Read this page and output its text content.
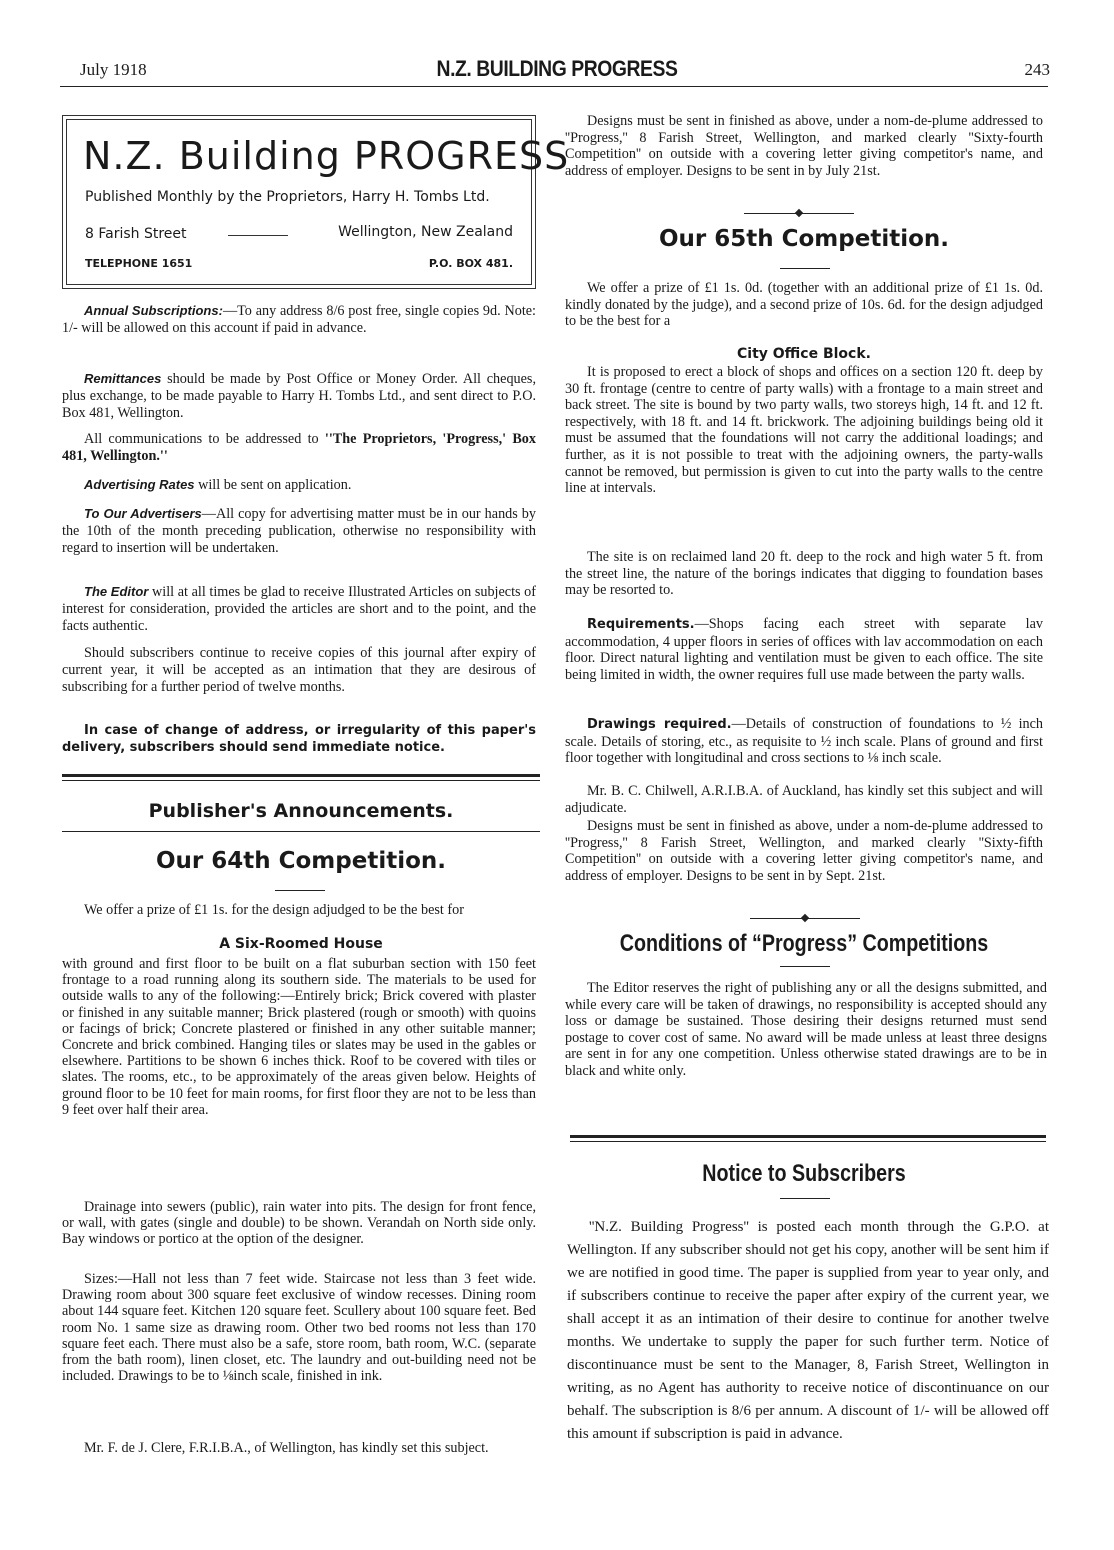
July 1918	N.Z. BUILDING PROGRESS	243
N.Z. Building PROGRESS
Published Monthly by the Proprietors, Harry H. Tombs Ltd.
8 Farish Street	Wellington, New Zealand
TELEPHONE 1651	P.O. BOX 481.

Annual Subscriptions:—To any address 8/6 post free, single copies 9d. Note: 1/- will be allowed on this account if paid in advance.

Remittances should be made by Post Office or Money Order. All cheques, plus exchange, to be made payable to Harry H. Tombs Ltd., and sent direct to P.O. Box 481, Wellington.

All communications to be addressed to ''The Proprietors, 'Progress,' Box 481, Wellington.''

Advertising Rates will be sent on application.

To Our Advertisers—All copy for advertising matter must be in our hands by the 10th of the month preceding publication, otherwise no responsibility with regard to insertion will be undertaken.

The Editor will at all times be glad to receive Illustrated Articles on subjects of interest for consideration, provided the articles are short and to the point, and the facts authentic.

Should subscribers continue to receive copies of this journal after expiry of current year, it will be accepted as an intimation that they are desirous of subscribing for a further period of twelve months.

In case of change of address, or irregularity of this paper's delivery, subscribers should send immediate notice.

Publisher's Announcements.
Our 64th Competition.

We offer a prize of £1 1s. for the design adjudged to be the best for

A Six-Roomed House

with ground and first floor to be built on a flat suburban section with 150 feet frontage to a road running along its southern side. The materials to be used for outside walls to any of the following:—Entirely brick; Brick covered with plaster or finished in any suitable manner; Brick plastered (rough or smooth) with quoins or facings of brick; Concrete plastered or finished in any other suitable manner; Concrete and brick combined. Hanging tiles or slates may be used in the gables or elsewhere. Partitions to be shown 6 inches thick. Roof to be covered with tiles or slates. The rooms, etc., to be approximately of the areas given below. Heights of ground floor to be 10 feet for main rooms, for first floor they are not to be less than 9 feet over half their area.

Drainage into sewers (public), rain water into pits. The design for front fence, or wall, with gates (single and double) to be shown. Verandah on North side only. Bay windows or portico at the option of the designer.

Sizes:—Hall not less than 7 feet wide. Staircase not less than 3 feet wide. Drawing room about 300 square feet exclusive of window recesses. Dining room about 144 square feet. Kitchen 120 square feet. Scullery about 100 square feet. Bed room No. 1 same size as drawing room. Other two bed rooms not less than 170 square feet each. There must also be a safe, store room, bath room, W.C. (separate from the bath room), linen closet, etc. The laundry and out-building need not be included. Drawings to be to ⅛inch scale, finished in ink.

Mr. F. de J. Clere, F.R.I.B.A., of Wellington, has kindly set this subject.

Designs must be sent in finished as above, under a nom-de-plume addressed to ''Progress,'' 8 Farish Street, Wellington, and marked clearly ''Sixty-fourth Competition'' on outside with a covering letter giving competitor's name, and address of employer. Designs to be sent in by July 21st.

Our 65th Competition.

We offer a prize of £1 1s. 0d. (together with an additional prize of £1 1s. 0d. kindly donated by the judge), and a second prize of 10s. 6d. for the design adjudged to be the best for a

City Office Block.

It is proposed to erect a block of shops and offices on a section 120 ft. deep by 30 ft. frontage (centre to centre of party walls) with a frontage to a main street and back street. The site is bound by two party walls, two storeys high, 14 ft. and 12 ft. respectively, with 18 ft. and 14 ft. brickwork. The adjoining buildings being old it must be assumed that the foundations will not carry the additional loadings; and further, as it is not possible to treat with the adjoining owners, the party-walls cannot be removed, but permission is given to cut into the party walls to the centre line at intervals.

The site is on reclaimed land 20 ft. deep to the rock and high water 5 ft. from the street line, the nature of the borings indicates that digging to foundation bases may be resorted to.

Requirements.—Shops facing each street with separate lav accommodation, 4 upper floors in series of offices with lav accommodation on each floor. Direct natural lighting and ventilation must be given to each office. The site being limited in width, the owner requires full use made between the party walls.

Drawings required.—Details of construction of foundations to ½ inch scale. Details of storing, etc., as requisite to ½ inch scale. Plans of ground and first floor together with longitudinal and cross sections to ⅛ inch scale.

Mr. B. C. Chilwell, A.R.I.B.A. of Auckland, has kindly set this subject and will adjudicate.

Designs must be sent in finished as above, under a nom-de-plume addressed to ''Progress,'' 8 Farish Street, Wellington, and marked clearly ''Sixty-fifth Competition'' on outside with a covering letter giving competitor's name, and address of employer. Designs to be sent in by Sept. 21st.

Conditions of “Progress” Competitions

The Editor reserves the right of publishing any or all the designs submitted, and while every care will be taken of drawings, no responsibility is accepted should any loss or damage be sustained. Those desiring their designs returned must send postage to cover cost of same. No award will be made unless at least three designs are sent in for any one competition. Unless otherwise stated drawings are to be in black and white only.

Notice to Subscribers

''N.Z. Building Progress'' is posted each month through the G.P.O. at Wellington. If any subscriber should not get his copy, another will be sent him if we are notified in good time. The paper is supplied from year to year only, and if subscribers continue to receive the paper after expiry of the current year, we shall accept it as an intimation of their desire to continue for another twelve months. We undertake to supply the paper for such further term. Notice of discontinuance must be sent to the Manager, 8, Farish Street, Wellington in writing, as no Agent has authority to receive notice of discontinuance on our behalf. The subscription is 8/6 per annum. A discount of 1/- will be allowed off this amount if subscription is paid in advance.
